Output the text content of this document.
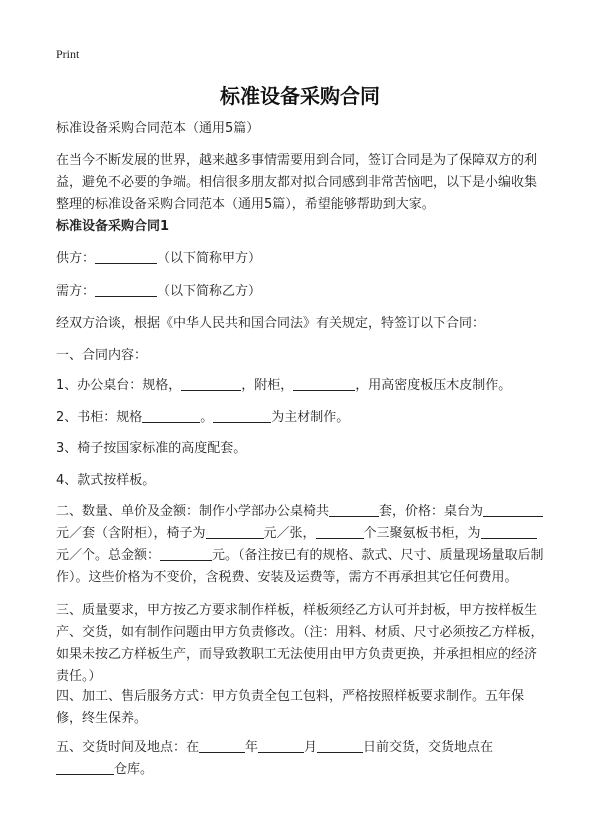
Print
标准设备采购合同
标准设备采购合同范本（通用5篇）
在当今不断发展的世界，越来越多事情需要用到合同，签订合同是为了保障双方的利益，避免不必要的争端。相信很多朋友都对拟合同感到非常苦恼吧，以下是小编收集整理的标准设备采购合同范本（通用5篇），希望能够帮助到大家。
标准设备采购合同1
供方：	（以下简称甲方）
需方：	（以下简称乙方）
经双方洽谈，根据《中华人民共和国合同法》有关规定，特签订以下合同：
一、合同内容：
1、办公桌台：规格，	，附柜，	，用高密度板压木皮制作。
2、书柜：规格	。	为主材制作。
3、椅子按国家标准的高度配套。
4、款式按样板。
二、数量、单价及金额：制作小学部办公桌椅共	套，价格：桌台为元／套（含附柜），椅子为	元／张，	个三聚氨板书柜，为元／个。总金额：	元。（备注按已有的规格、款式、尺寸、质量现场量取后制作）。这些价格为不变价，含税费、安装及运费等，需方不再承担其它任何费用。
三、质量要求，甲方按乙方要求制作样板，样板须经乙方认可并封板，甲方按样板生产、交货，如有制作问题由甲方负责修改。（注：用料、材质、尺寸必须按乙方样板，如果未按乙方样板生产，而导致教职工无法使用由甲方负责更换，并承担相应的经济责任。）
四、加工、售后服务方式：甲方负责全包工包料，严格按照样板要求制作。五年保修，终生保养。
五、交货时间及地点：在	年	月	日前交货，交货地点在仓库。
